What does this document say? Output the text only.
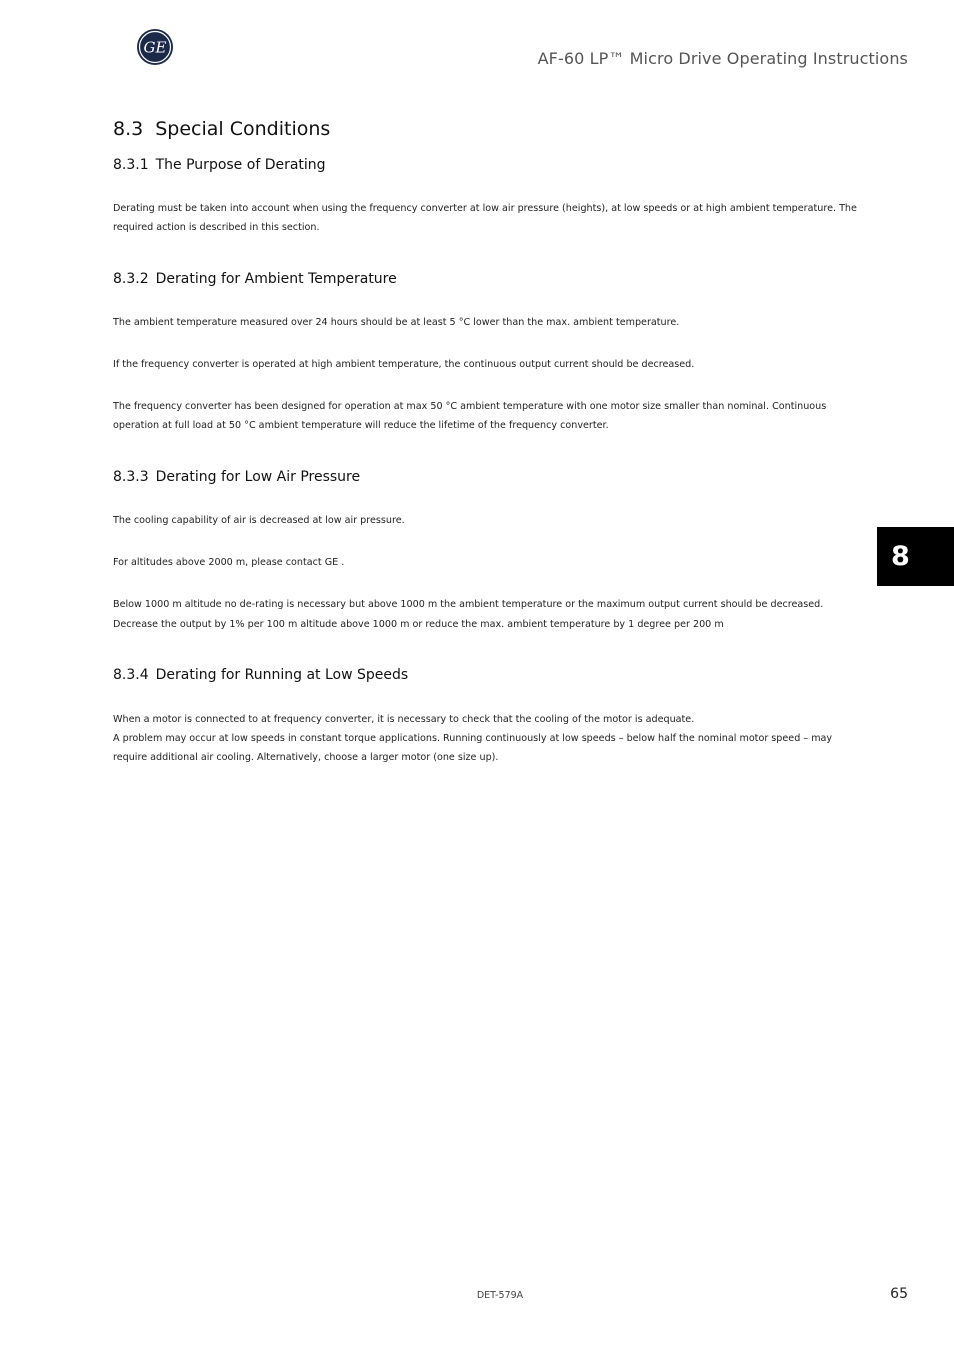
GE
AF-60 LP™ Micro Drive Operating Instructions
8.3 Special Conditions
8.3.1 The Purpose of Derating

Derating must be taken into account when using the frequency converter at low air pressure (heights), at low speeds or at high ambient temperature. The required action is described in this section.

8.3.2 Derating for Ambient Temperature

The ambient temperature measured over 24 hours should be at least 5 °C lower than the max. ambient temperature.

If the frequency converter is operated at high ambient temperature, the continuous output current should be decreased.

The frequency converter has been designed for operation at max 50 °C ambient temperature with one motor size smaller than nominal. Continuous operation at full load at 50 °C ambient temperature will reduce the lifetime of the frequency converter.

8.3.3 Derating for Low Air Pressure

The cooling capability of air is decreased at low air pressure.

For altitudes above 2000 m, please contact GE .

Below 1000 m altitude no de-rating is necessary but above 1000 m the ambient temperature or the maximum output current should be decreased.

Decrease the output by 1% per 100 m altitude above 1000 m or reduce the max. ambient temperature by 1 degree per 200 m

8.3.4 Derating for Running at Low Speeds

When a motor is connected to at frequency converter, it is necessary to check that the cooling of the motor is adequate.

A problem may occur at low speeds in constant torque applications. Running continuously at low speeds – below half the nominal motor speed – may require additional air cooling. Alternatively, choose a larger motor (one size up).

8
DET-579A	65
